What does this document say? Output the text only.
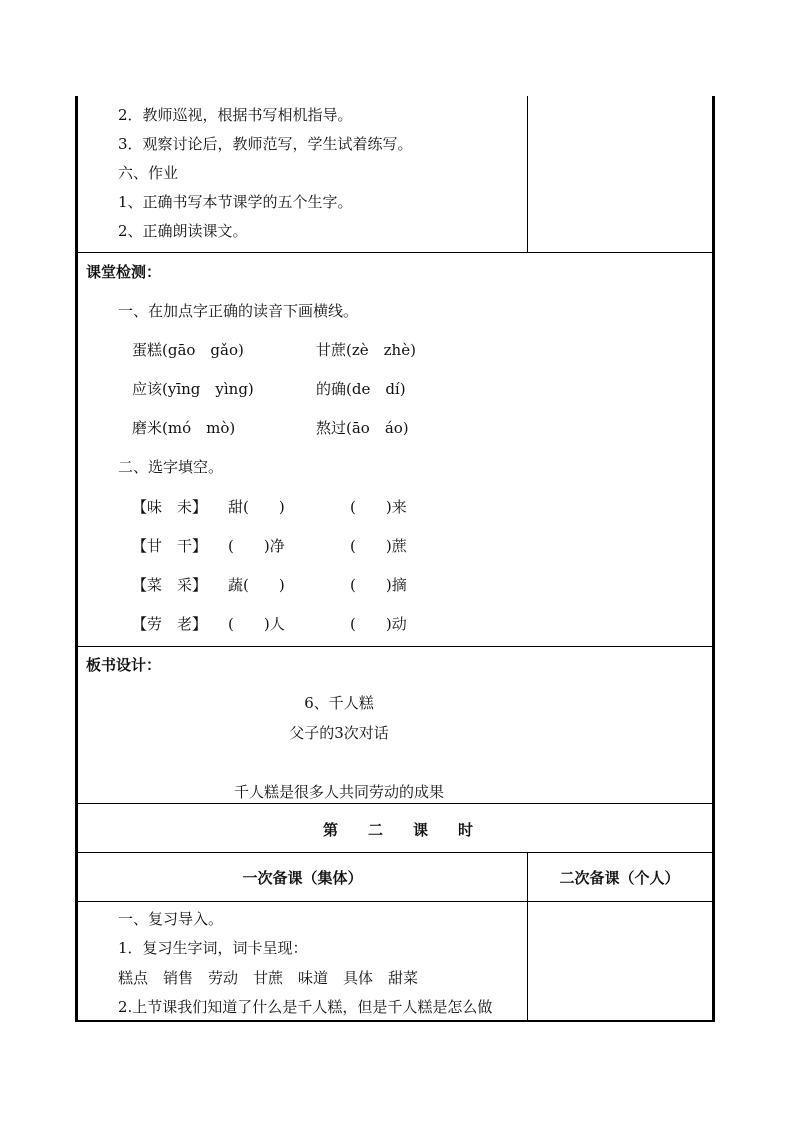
2．教师巡视，根据书写相机指导。
3．观察讨论后，教师范写，学生试着练写。
六、作业
1、正确书写本节课学的五个生字。
2、正确朗读课文。
课堂检测：
一、在加点字正确的读音下画横线。
蛋糕(gāo　gǎo)	甘蔗(zè　zhè)
应该(yīng　yìng)	的确(de　dí)
磨米(mó　mò)	熬过(āo　áo)
二、选字填空。
【味　未】 甜(　　)	(　　)来
【甘　干】 (　　)净	(　　)蔗
【菜　采】 蔬(　　)	(　　)摘
【劳　老】 (　　)人	(　　)动
板书设计：
6、千人糕
父子的3次对话
千人糕是很多人共同劳动的成果
第　　二　　课　　时
一次备课（集体）	二次备课（个人）
一、复习导入。
1．复习生字词，词卡呈现：
糕点　销售　劳动　甘蔗　味道　具体　甜菜
2.上节课我们知道了什么是千人糕，但是千人糕是怎么做
